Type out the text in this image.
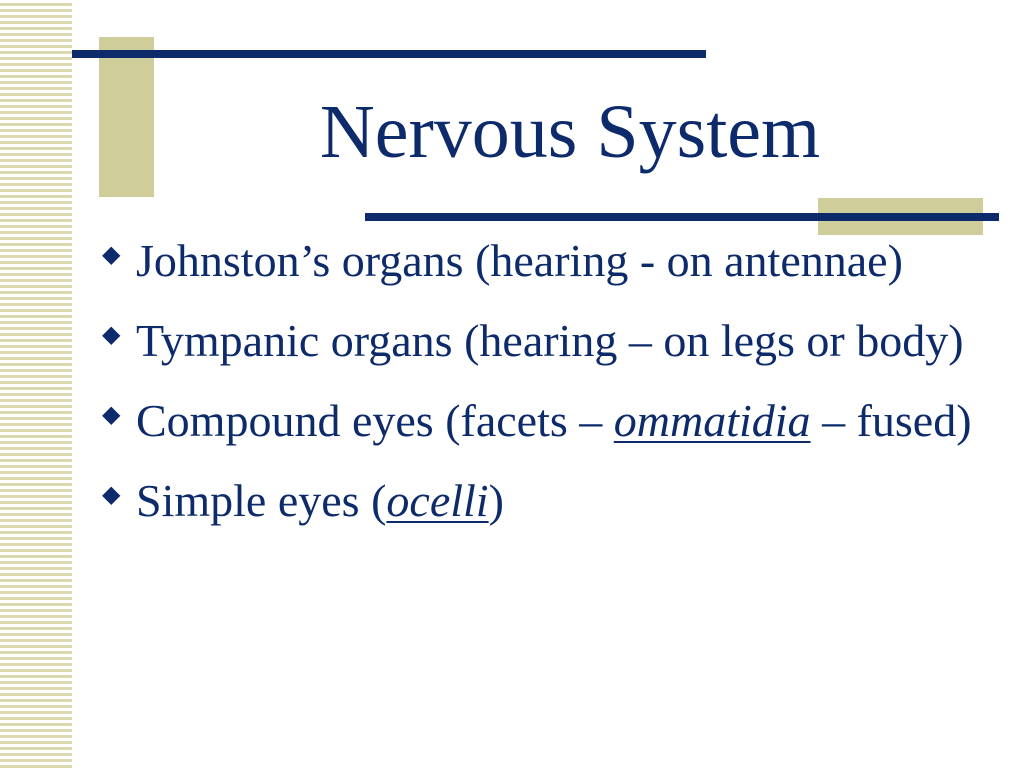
Nervous System
◆ Johnston’s organs (hearing - on antennae)
◆ Tympanic organs (hearing – on legs or body)
◆ Compound eyes (facets – ommatidia – fused)
◆ Simple eyes (ocelli)
